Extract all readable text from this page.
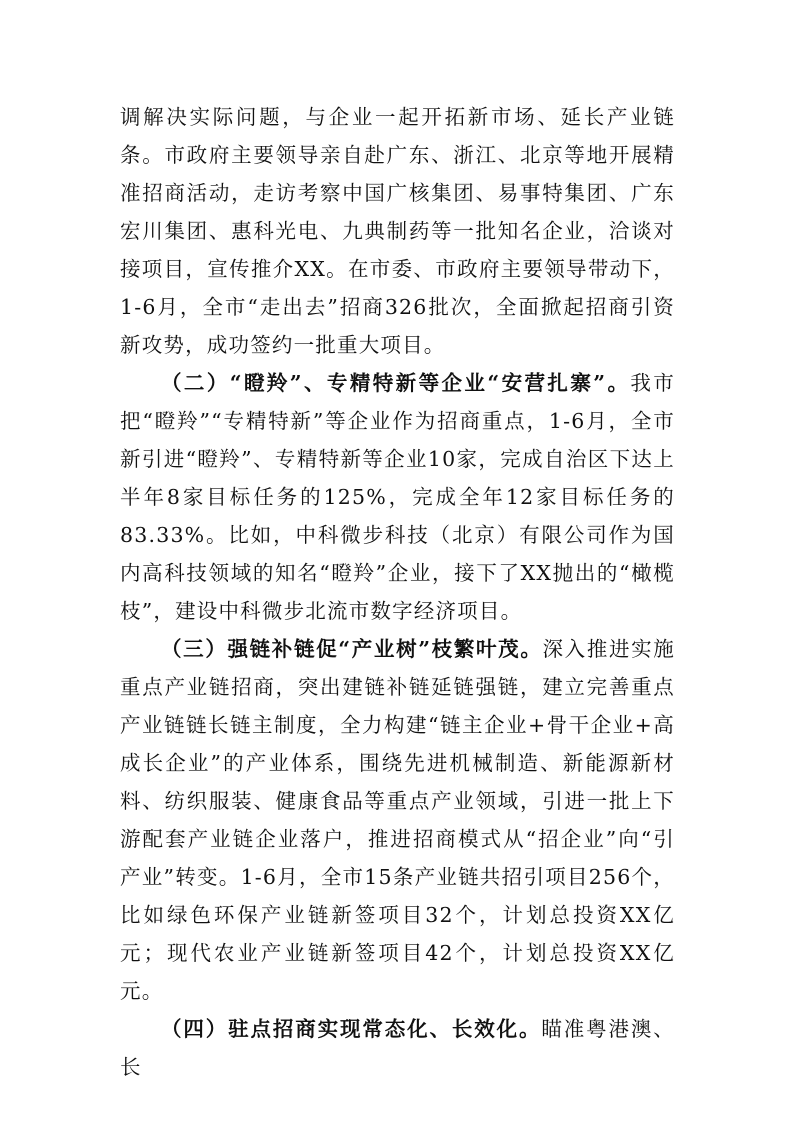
调解决实际问题，与企业一起开拓新市场、延长产业链条。市政府主要领导亲自赴广东、浙江、北京等地开展精准招商活动，走访考察中国广核集团、易事特集团、广东宏川集团、惠科光电、九典制药等一批知名企业，洽谈对接项目，宣传推介XX。在市委、市政府主要领导带动下，1-6月，全市“走出去”招商326批次，全面掀起招商引资新攻势，成功签约一批重大项目。

（二）“瞪羚”、专精特新等企业“安营扎寨”。我市把“瞪羚”“专精特新”等企业作为招商重点，1-6月，全市新引进“瞪羚”、专精特新等企业10家，完成自治区下达上半年8家目标任务的125%，完成全年12家目标任务的83.33%。比如，中科微步科技（北京）有限公司作为国内高科技领域的知名“瞪羚”企业，接下了XX抛出的“橄榄枝”，建设中科微步北流市数字经济项目。

（三）强链补链促“产业树”枝繁叶茂。深入推进实施重点产业链招商，突出建链补链延链强链，建立完善重点产业链链长链主制度，全力构建“链主企业+骨干企业+高成长企业”的产业体系，围绕先进机械制造、新能源新材料、纺织服装、健康食品等重点产业领域，引进一批上下游配套产业链企业落户，推进招商模式从“招企业”向“引产业”转变。1-6月，全市15条产业链共招引项目256个，比如绿色环保产业链新签项目32个，计划总投资XX亿元；现代农业产业链新签项目42个，计划总投资XX亿元。

（四）驻点招商实现常态化、长效化。瞄准粤港澳、长
